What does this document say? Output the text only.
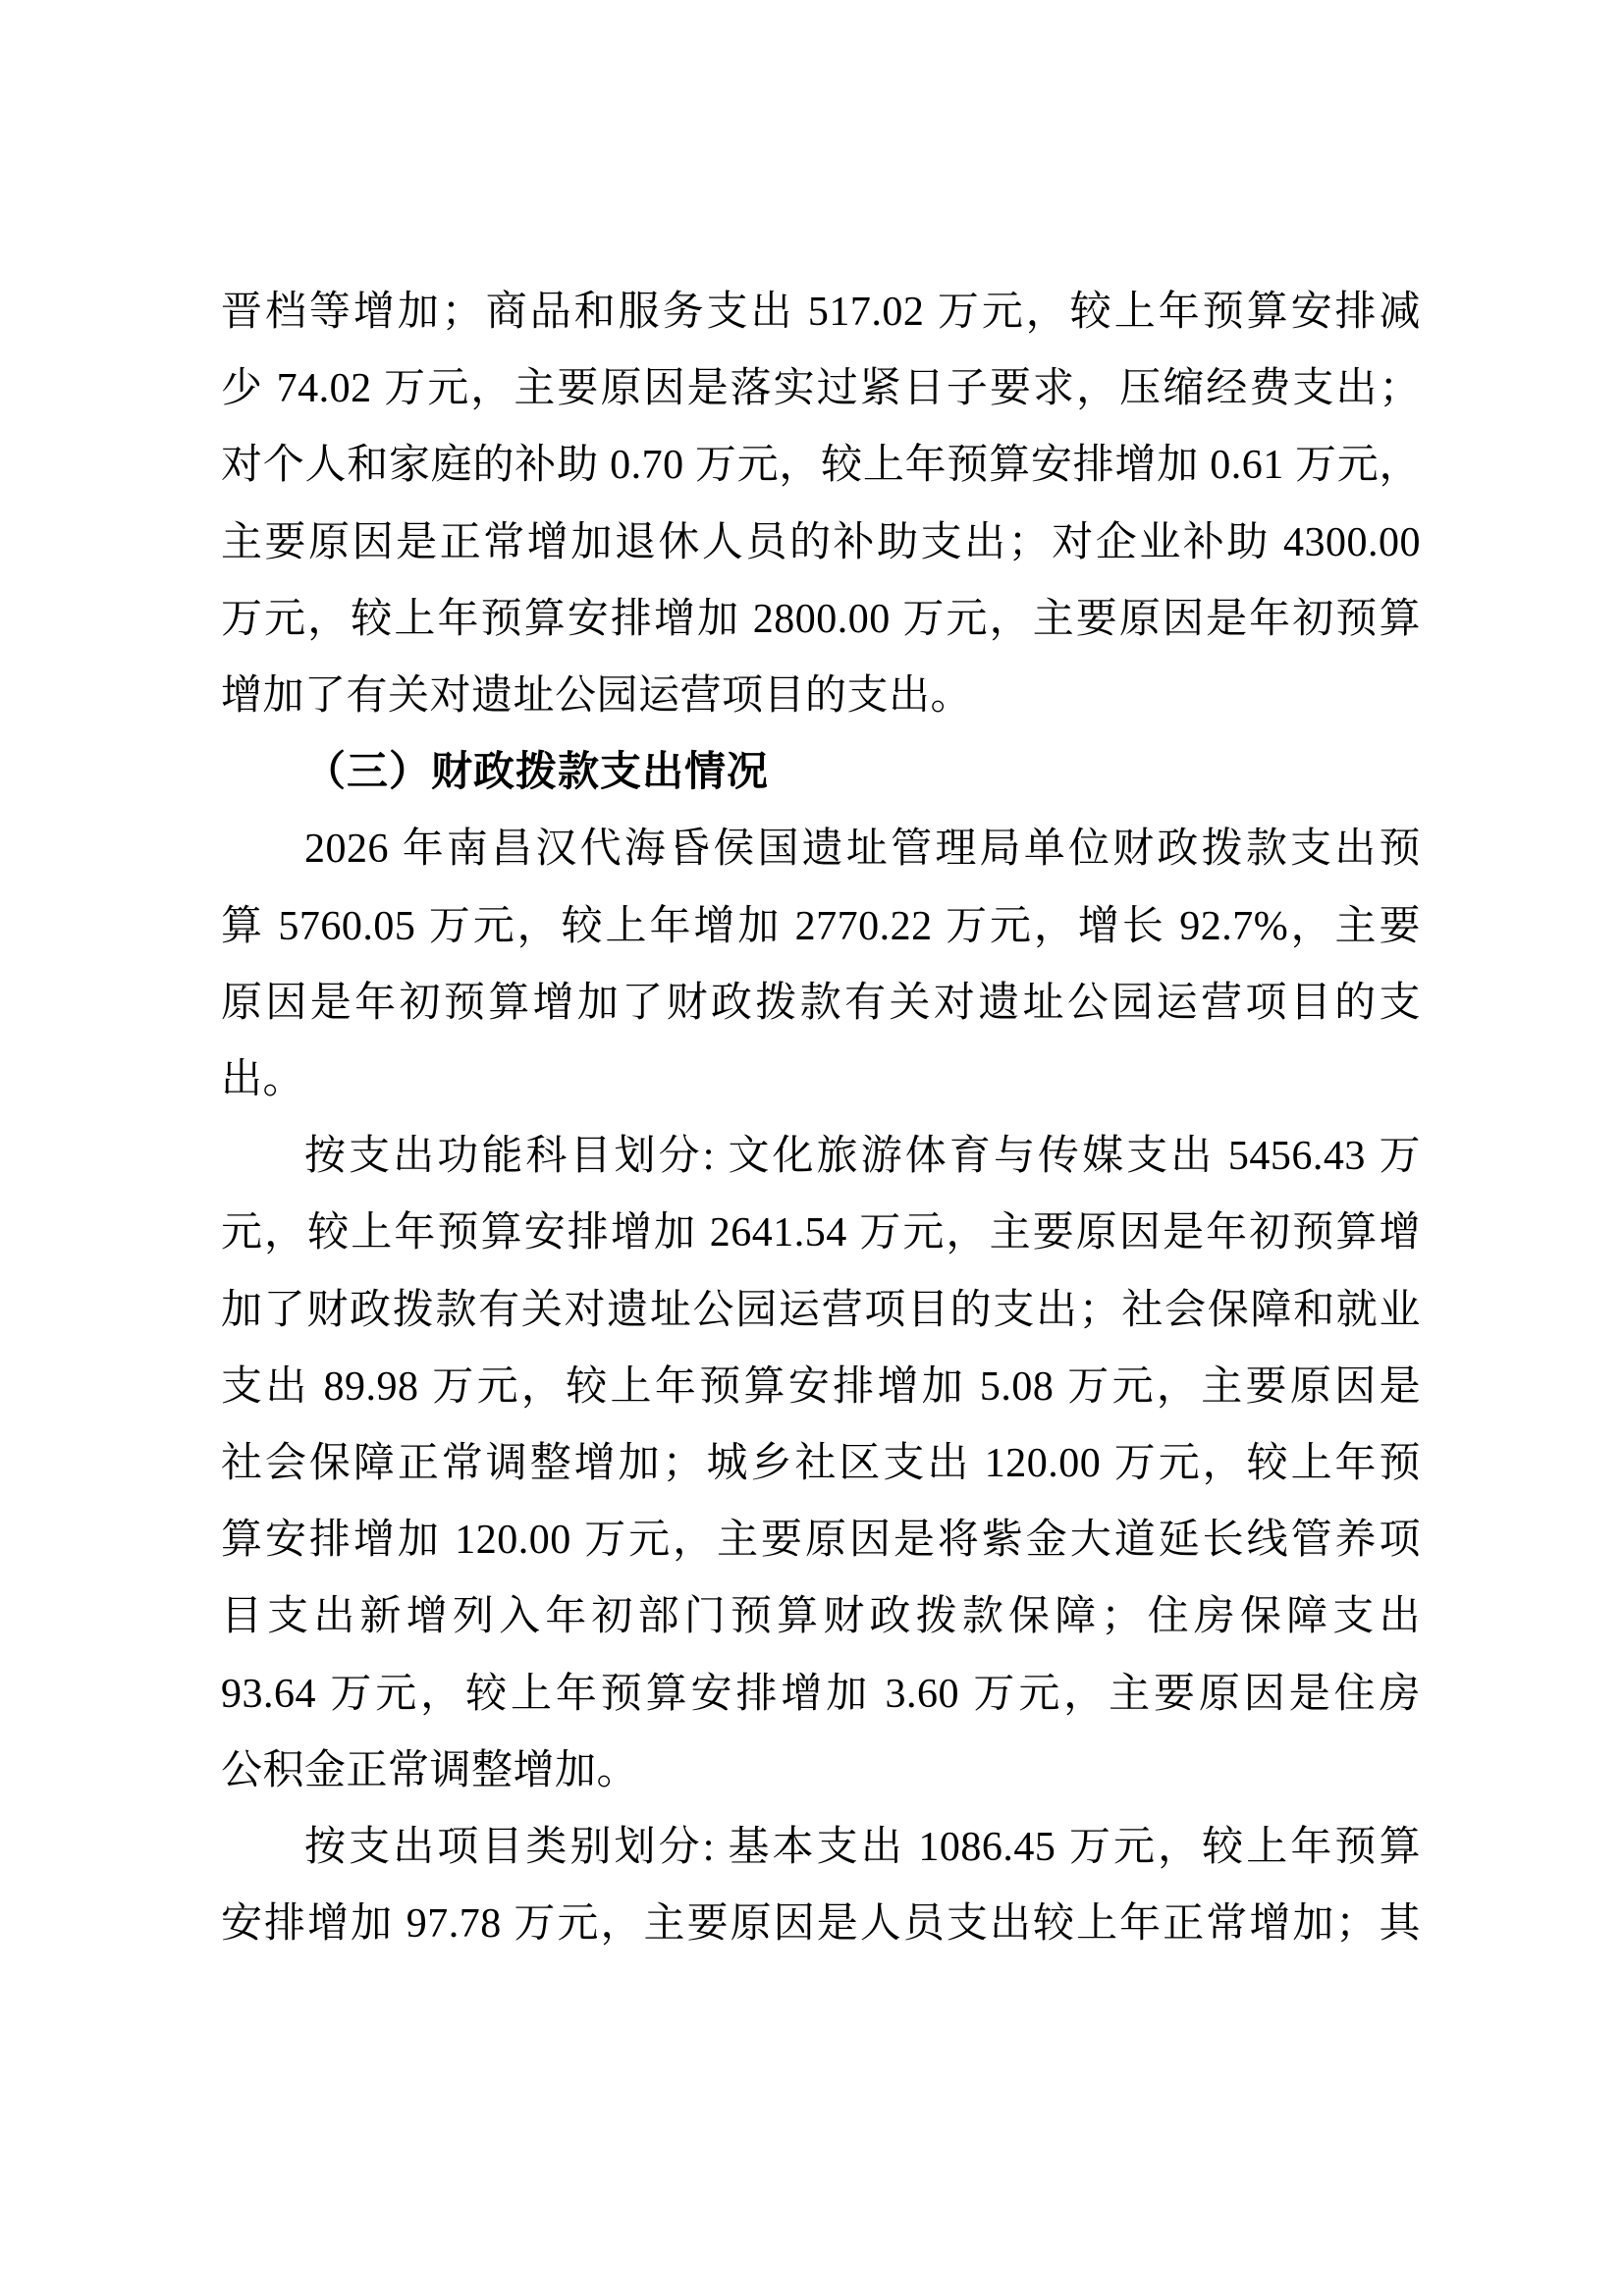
晋档等增加；商品和服务支出 517.02 万元，较上年预算安排减
少 74.02 万元，主要原因是落实过紧日子要求，压缩经费支出；
对个人和家庭的补助 0.70 万元，较上年预算安排增加 0.61 万元，
主要原因是正常增加退休人员的补助支出；对企业补助 4300.00
万元，较上年预算安排增加 2800.00 万元，主要原因是年初预算
增加了有关对遗址公园运营项目的支出。
（三）财政拨款支出情况
2026 年南昌汉代海昏侯国遗址管理局单位财政拨款支出预
算 5760.05 万元，较上年增加 2770.22 万元，增长 92.7%，主要
原因是年初预算增加了财政拨款有关对遗址公园运营项目的支
出。
按支出功能科目划分: 文化旅游体育与传媒支出 5456.43 万
元，较上年预算安排增加 2641.54 万元，主要原因是年初预算增
加了财政拨款有关对遗址公园运营项目的支出；社会保障和就业
支出 89.98 万元，较上年预算安排增加 5.08 万元，主要原因是
社会保障正常调整增加；城乡社区支出 120.00 万元，较上年预
算安排增加 120.00 万元，主要原因是将紫金大道延长线管养项
目支出新增列入年初部门预算财政拨款保障；住房保障支出
93.64 万元，较上年预算安排增加 3.60 万元，主要原因是住房
公积金正常调整增加。
按支出项目类别划分: 基本支出 1086.45 万元，较上年预算
安排增加 97.78 万元，主要原因是人员支出较上年正常增加；其
